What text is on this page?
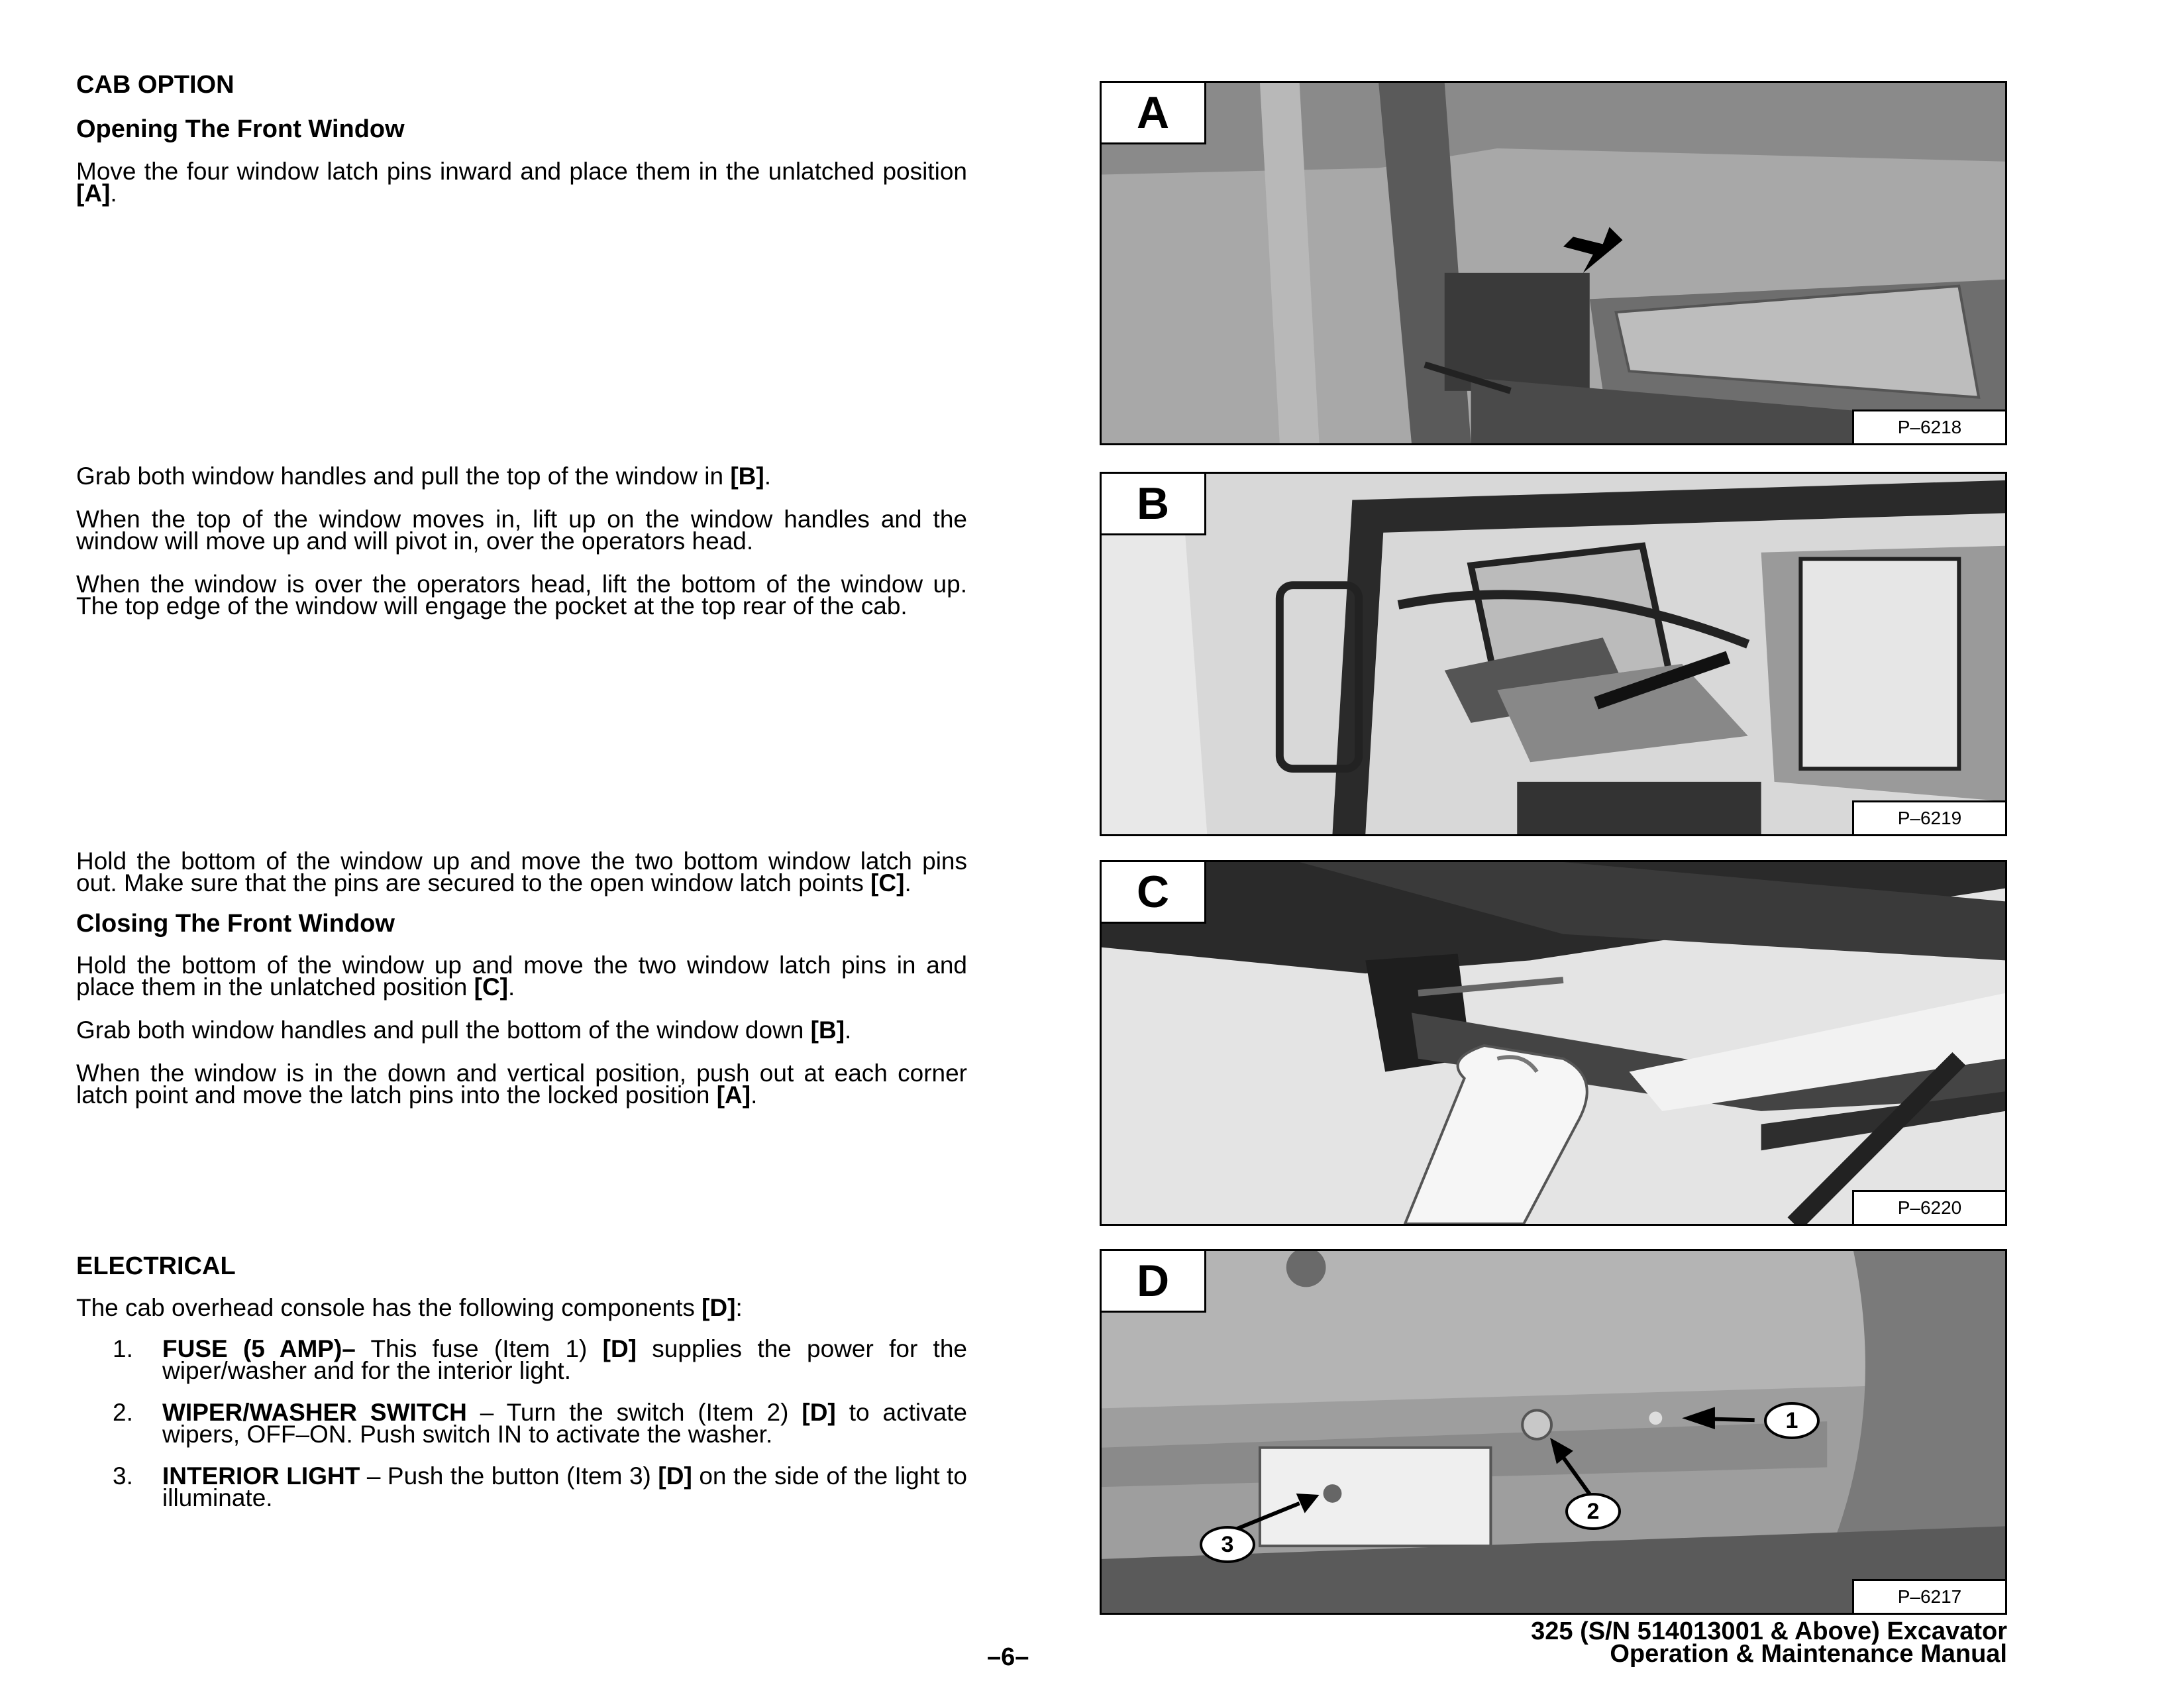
CAB OPTION
Opening The Front Window

Move the four window latch pins inward and place them in the unlatched position [A].

Grab both window handles and pull the top of the window in [B].

When the top of the window moves in, lift up on the window handles and the window will move up and will pivot in, over the operators head.

When the window is over the operators head, lift the bottom of the window up. The top edge of the window will engage the pocket at the top rear of the cab.

Hold the bottom of the window up and move the two bottom window latch pins out. Make sure that the pins are secured to the open window latch points [C].

Closing The Front Window

Hold the bottom of the window up and move the two window latch pins in and place them in the unlatched position [C].

Grab both window handles and pull the bottom of the window down [B].

When the window is in the down and vertical position, push out at each corner latch point and move the latch pins into the locked position [A].

ELECTRICAL

The cab overhead console has the following components [D]:

1. FUSE (5 AMP)– This fuse (Item 1) [D] supplies the power for the wiper/washer and for the interior light.
2. WIPER/WASHER SWITCH – Turn the switch (Item 2) [D] to activate wipers, OFF–ON. Push switch IN to activate the washer.
3. INTERIOR LIGHT – Push the button (Item 3) [D] on the side of the light to illuminate.
A
P–6218
B
P–6219
C
P–6220
1
2
3
D
P–6217
–6–
325 (S/N 514013001 & Above) Excavator
Operation & Maintenance Manual
